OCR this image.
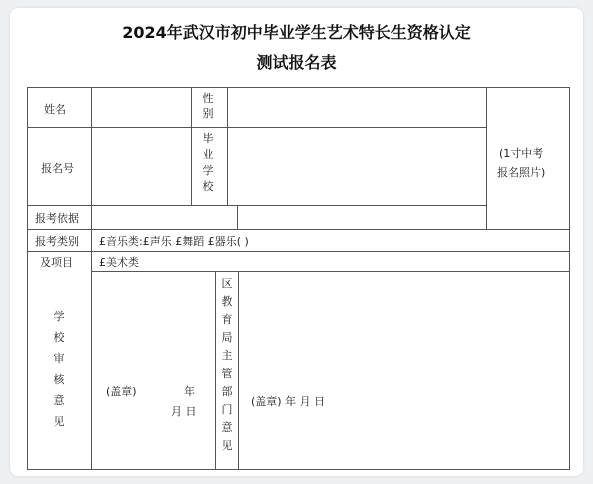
2024年武汉市初中毕业学生艺术特长生资格认定
测试报名表
姓名
性
别
报名号
毕
业
学
校
(1寸中考
报名照片)
报考依据
报考类别
及项目
£音乐类:£声乐 £舞蹈 £器乐( )
£美术类
学
校
审
核
意
见
(盖章)	年
月 日
区
教
育
局
主
管
部
门
意
见
(盖章) 年 月 日
